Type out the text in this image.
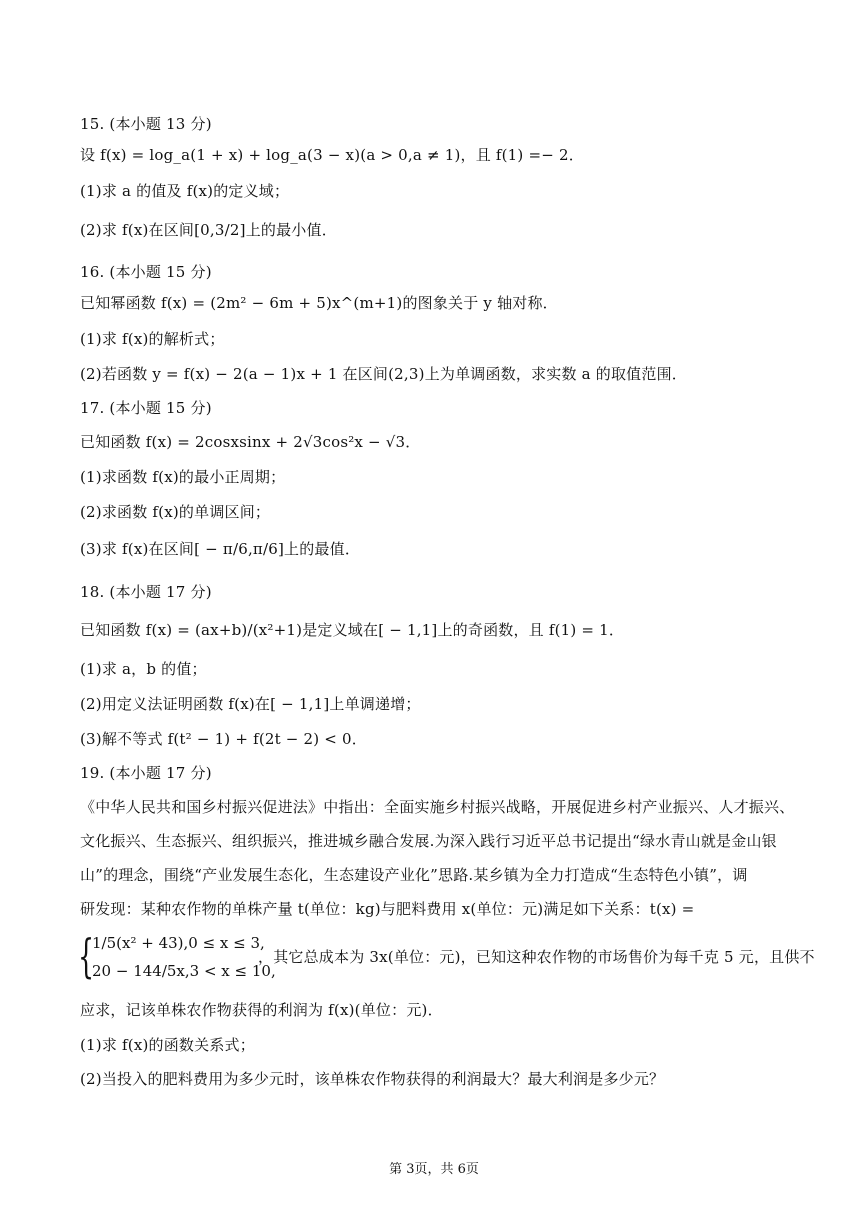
15. (本小题 13 分)
设 f(x) = log_a(1 + x) + log_a(3 − x)(a > 0,a ≠ 1)，且 f(1) =− 2．
(1)求 a 的值及 f(x)的定义域；
(2)求 f(x)在区间[0,3/2]上的最小值．
16. (本小题 15 分)
已知幂函数 f(x) = (2m² − 6m + 5)x^(m+1)的图象关于 y 轴对称．
(1)求 f(x)的解析式；
(2)若函数 y = f(x) − 2(a − 1)x + 1 在区间(2,3)上为单调函数，求实数 a 的取值范围．
17. (本小题 15 分)
已知函数 f(x) = 2cosxsinx + 2√3cos²x − √3．
(1)求函数 f(x)的最小正周期；
(2)求函数 f(x)的单调区间；
(3)求 f(x)在区间[ − π/6,π/6]上的最值．
18. (本小题 17 分)
已知函数 f(x) = (ax+b)/(x²+1)是定义域在[ − 1,1]上的奇函数，且 f(1) = 1．
(1)求 a，b 的值；
(2)用定义法证明函数 f(x)在[ − 1,1]上单调递增；
(3)解不等式 f(t² − 1) + f(2t − 2) < 0．
19. (本小题 17 分)
《中华人民共和国乡村振兴促进法》中指出：全面实施乡村振兴战略，开展促进乡村产业振兴、人才振兴、
文化振兴、生态振兴、组织振兴，推进城乡融合发展.为深入践行习近平总书记提出“绿水青山就是金山银
山”的理念，围绕“产业发展生态化，生态建设产业化”思路.某乡镇为全力打造成“生态特色小镇”，调
研发现：某种农作物的单株产量 t(单位：kg)与肥料费用 x(单位：元)满足如下关系：t(x) =
{
1/5(x² + 43),0 ≤ x ≤ 3,
20 − 144/5x,3 < x ≤ 10,
，其它总成本为 3x(单位：元)，已知这种农作物的市场售价为每千克 5 元，且供不
应求，记该单株农作物获得的利润为 f(x)(单位：元)．
(1)求 f(x)的函数关系式；
(2)当投入的肥料费用为多少元时，该单株农作物获得的利润最大？最大利润是多少元？
第 3页，共 6页
